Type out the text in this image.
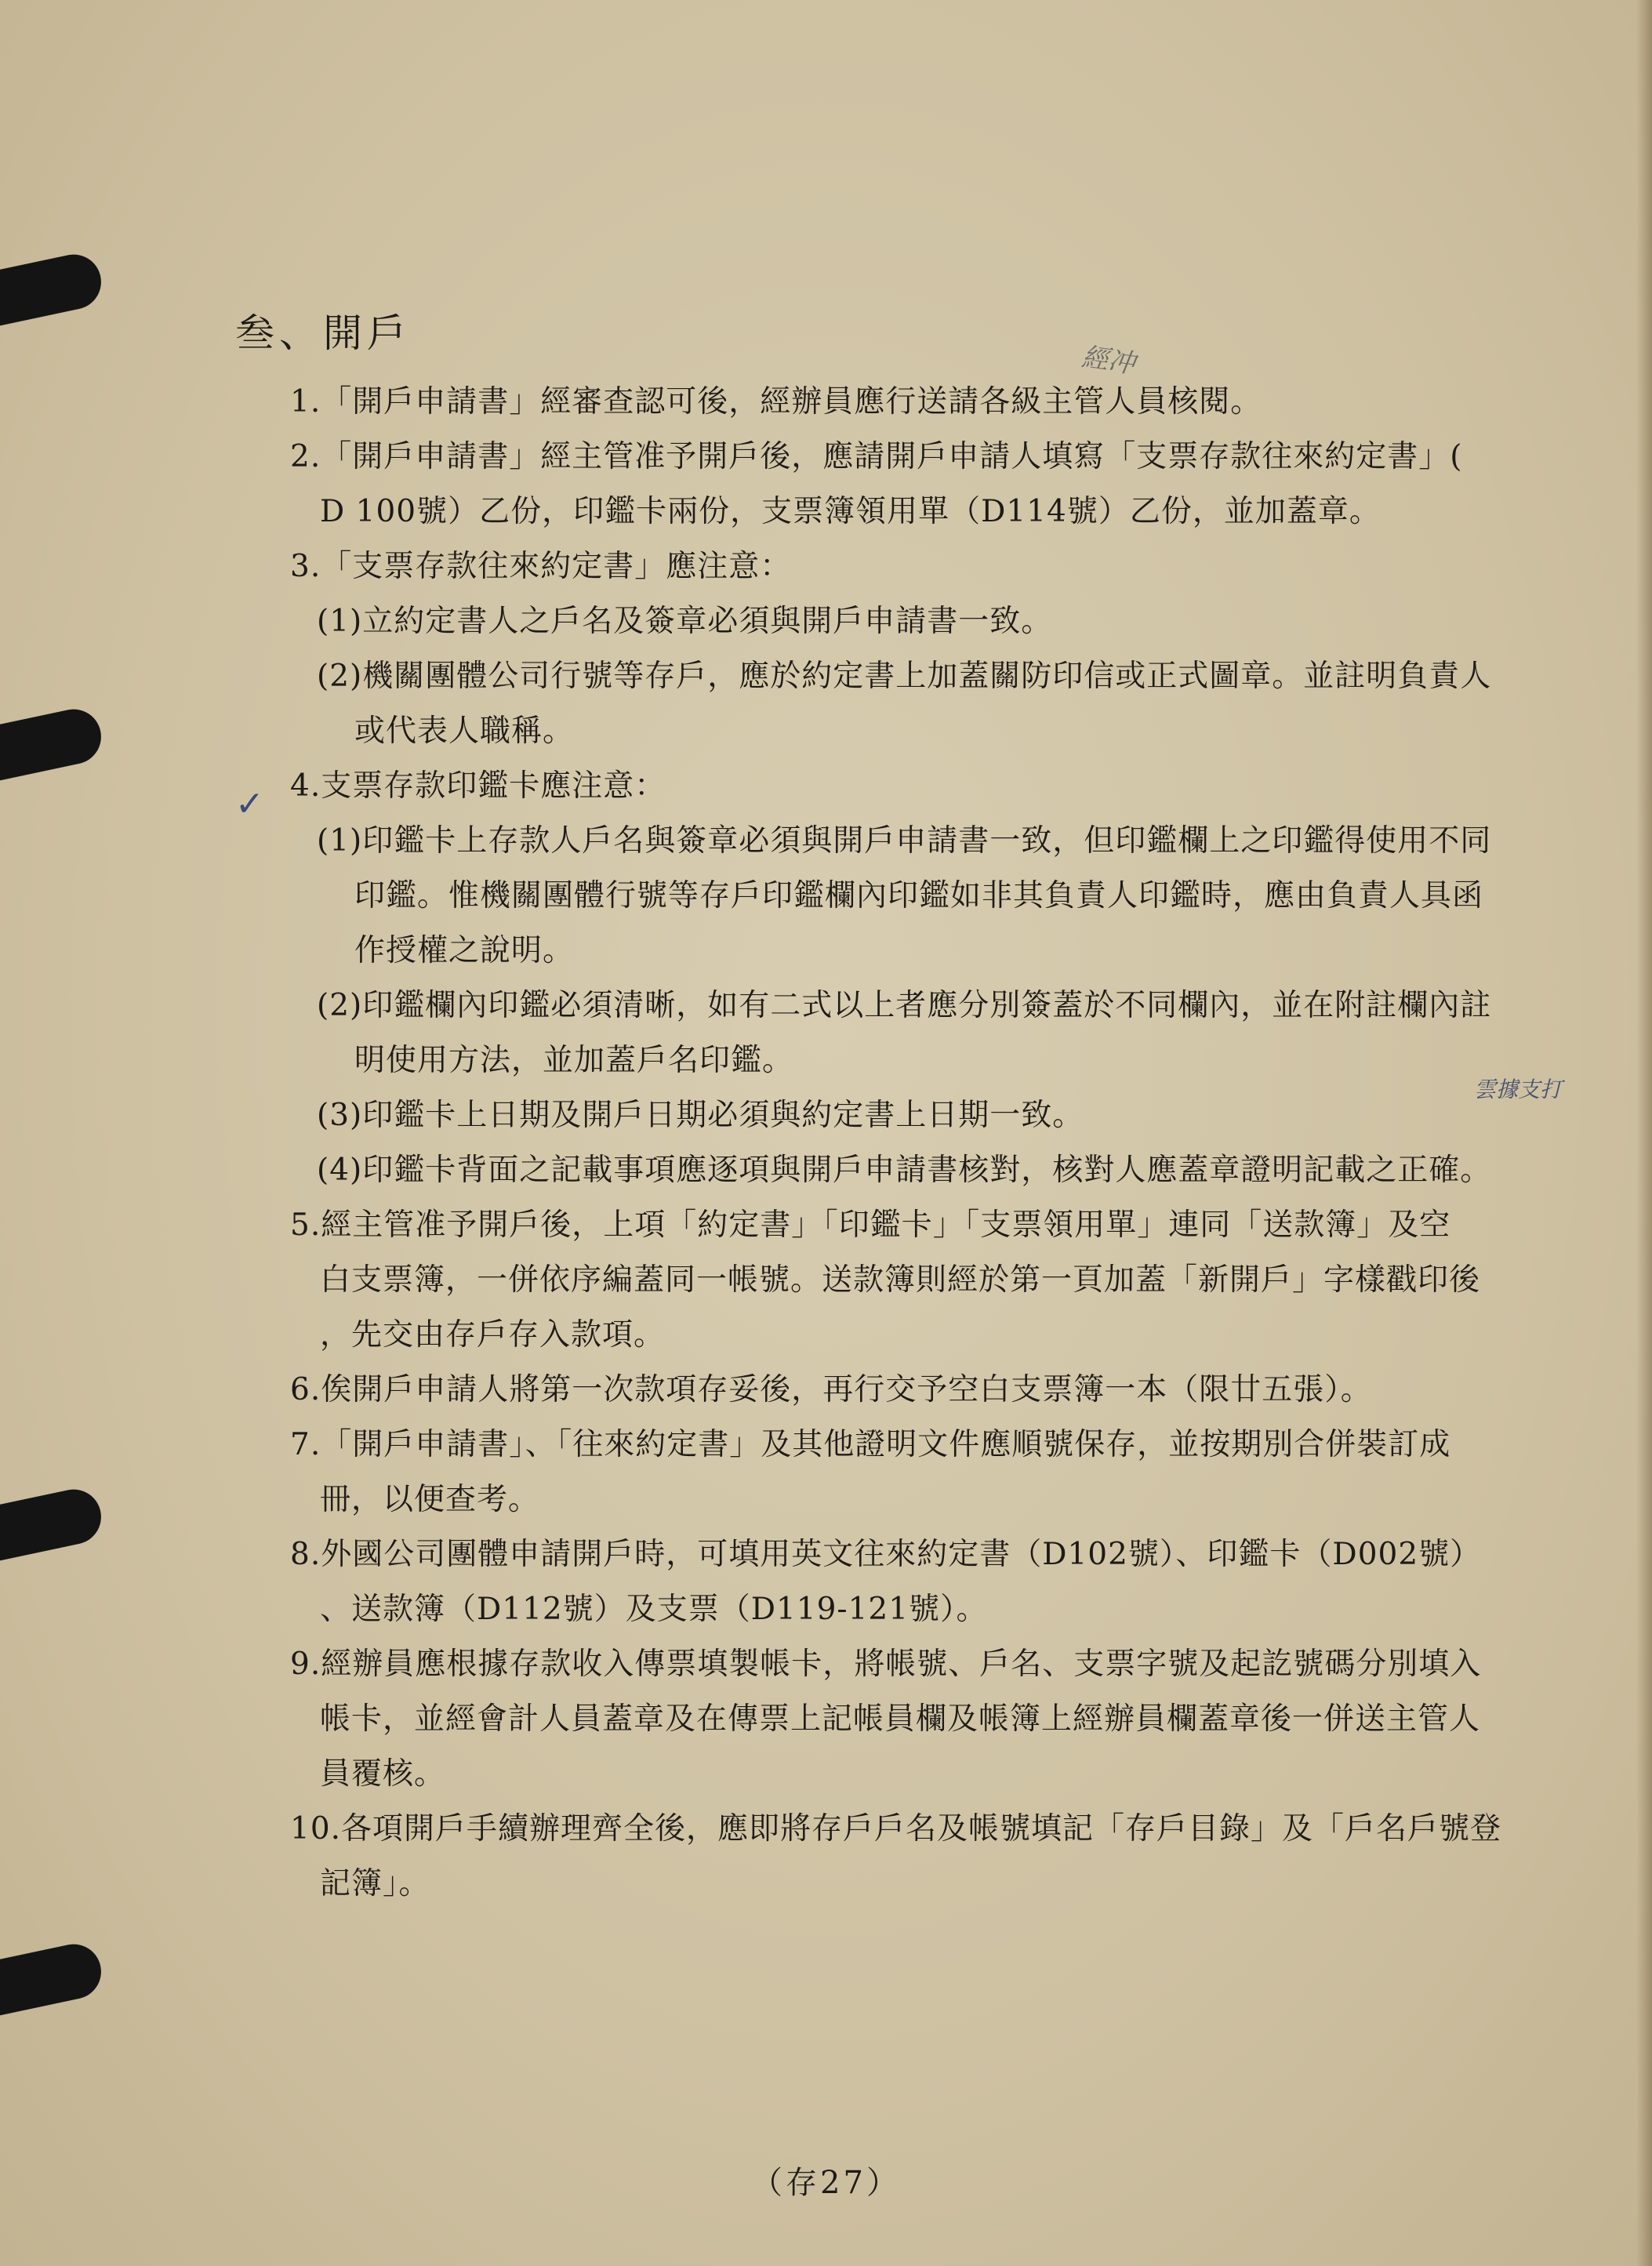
叁、開戶
✓
經冲
雲據支打

1.「開戶申請書」經審查認可後，經辦員應行送請各級主管人員核閱。

2.「開戶申請書」經主管准予開戶後，應請開戶申請人填寫「支票存款往來約定書」(

D 100號）乙份，印鑑卡兩份，支票簿領用單（D114號）乙份，並加蓋章。

3.「支票存款往來約定書」應注意：

(1)立約定書人之戶名及簽章必須與開戶申請書一致。

(2)機關團體公司行號等存戶，應於約定書上加蓋關防印信或正式圖章。並註明負責人

或代表人職稱。

4.支票存款印鑑卡應注意：

(1)印鑑卡上存款人戶名與簽章必須與開戶申請書一致，但印鑑欄上之印鑑得使用不同

印鑑。惟機關團體行號等存戶印鑑欄內印鑑如非其負責人印鑑時，應由負責人具函

作授權之說明。

(2)印鑑欄內印鑑必須清晰，如有二式以上者應分別簽蓋於不同欄內，並在附註欄內註

明使用方法，並加蓋戶名印鑑。

(3)印鑑卡上日期及開戶日期必須與約定書上日期一致。

(4)印鑑卡背面之記載事項應逐項與開戶申請書核對，核對人應蓋章證明記載之正確。

5.經主管准予開戶後，上項「約定書」「印鑑卡」「支票領用單」連同「送款簿」及空

白支票簿，一併依序編蓋同一帳號。送款簿則經於第一頁加蓋「新開戶」字樣戳印後

，先交由存戶存入款項。

6.俟開戶申請人將第一次款項存妥後，再行交予空白支票簿一本（限廿五張）。

7.「開戶申請書」、「往來約定書」及其他證明文件應順號保存，並按期別合併裝訂成

冊，以便查考。

8.外國公司團體申請開戶時，可填用英文往來約定書（D102號）、印鑑卡（D002號）

、送款簿（D112號）及支票（D119-121號）。

9.經辦員應根據存款收入傳票填製帳卡，將帳號、戶名、支票字號及起訖號碼分別填入

帳卡，並經會計人員蓋章及在傳票上記帳員欄及帳簿上經辦員欄蓋章後一併送主管人

員覆核。

10.各項開戶手續辦理齊全後，應即將存戶戶名及帳號填記「存戶目錄」及「戶名戶號登

記簿」。

（存27）
